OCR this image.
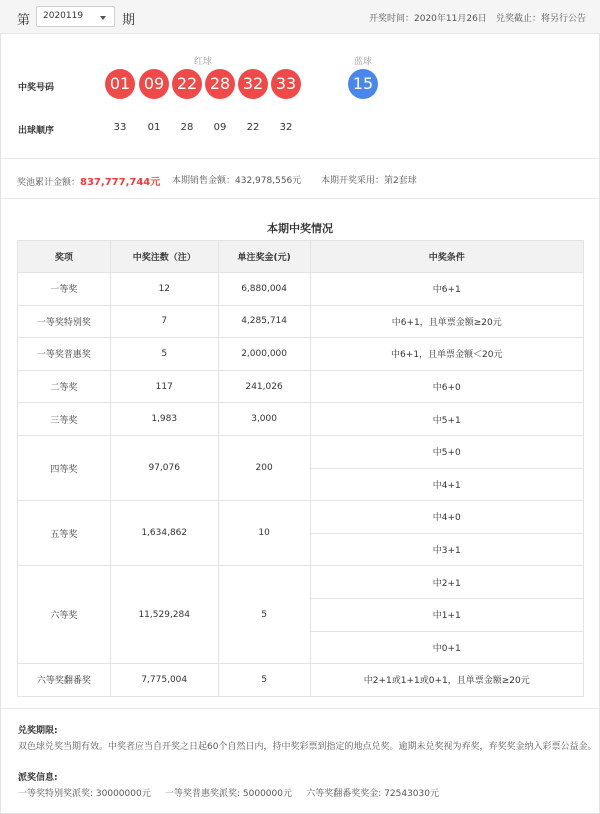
第 2020119	期	开奖时间：2020年11月26日 兑奖截止：将另行公告
红球	蓝球
中奖号码	01 09 22 28 32 33	15
出球顺序	33	01	28	09	22	32
奖池累计金额：837,777,744元 本期销售金额：432,978,556元 本期开奖采用：第2套球
本期中奖情况
奖项	中奖注数（注）	单注奖金(元)	中奖条件
一等奖	12	6,880,004	中6+1
一等奖特别奖	7	4,285,714	中6+1，且单票金额≥20元
一等奖普惠奖	5	2,000,000	中6+1，且单票金额＜20元
二等奖	117	241,026	中6+0
三等奖	1,983	3,000	中5+1
四等奖	97,076	200	中5+0
			中4+1
五等奖	1,634,862	10	中4+0
			中3+1
六等奖	11,529,284	5	中2+1
			中1+1
			中0+1
六等奖翻番奖	7,775,004	5	中2+1或1+1或0+1，且单票金额≥20元
兑奖期限:
双色球兑奖当期有效。中奖者应当自开奖之日起60个自然日内，持中奖彩票到指定的地点兑奖。逾期未兑奖视为弃奖，弃奖奖金纳入彩票公益金。
派奖信息:
一等奖特别奖派奖: 30000000元     一等奖普惠奖派奖: 5000000元     六等奖翻番奖奖金: 72543030元
